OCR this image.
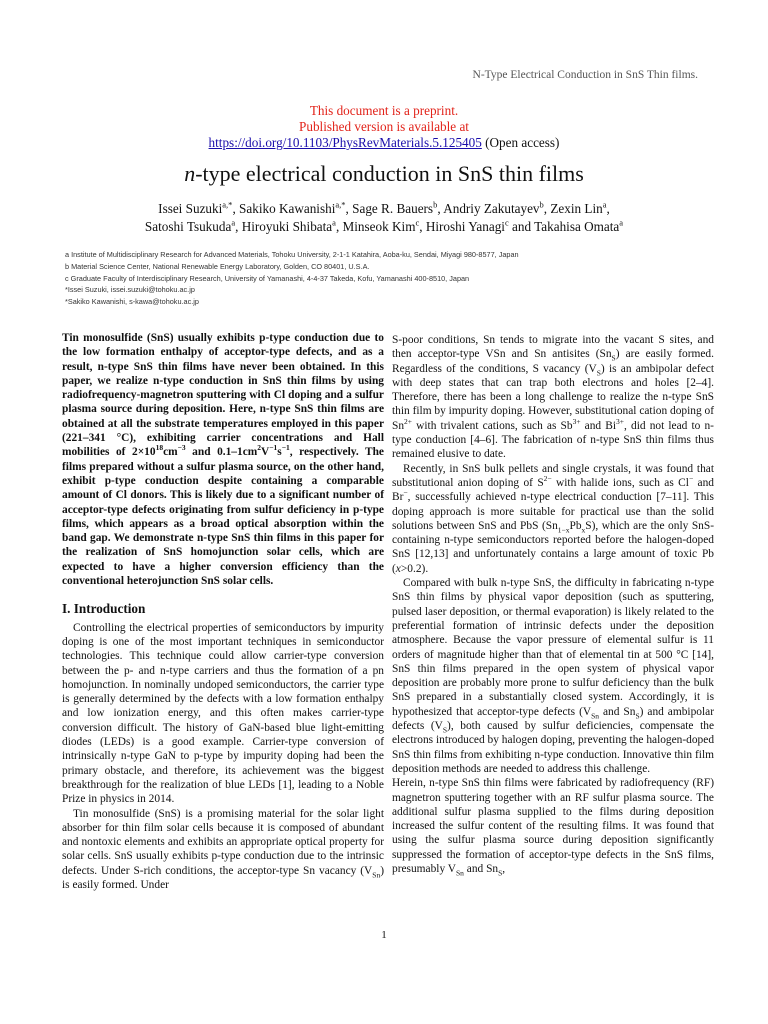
N-Type Electrical Conduction in SnS Thin films.
This document is a preprint.
Published version is available at
https://doi.org/10.1103/PhysRevMaterials.5.125405 (Open access)
n-type electrical conduction in SnS thin films
Issei Suzuki$^{a,*}$, Sakiko Kawanishi$^{a,*}$, Sage R. Bauers$^b$, Andriy Zakutayev$^b$, Zexin Lin$^a$,
Satoshi Tsukuda$^a$, Hiroyuki Shibata$^a$, Minseok Kim$^c$, Hiroshi Yanagi$^c$ and Takahisa Omata$^a$
a Institute of Multidisciplinary Research for Advanced Materials, Tohoku University, 2-1-1 Katahira, Aoba-ku, Sendai, Miyagi 980-8577, Japan
b Material Science Center, National Renewable Energy Laboratory, Golden, CO 80401, U.S.A.
c Graduate Faculty of Interdisciplinary Research, University of Yamanashi, 4-4-37 Takeda, Kofu, Yamanashi 400-8510, Japan
*Issei Suzuki, issei.suzuki@tohoku.ac.jp
*Sakiko Kawanishi, s-kawa@tohoku.ac.jp

Tin monosulfide (SnS) usually exhibits p-type conduction due to the low formation enthalpy of acceptor-type defects, and as a result, n-type SnS thin films have never been obtained. In this paper, we realize n-type conduction in SnS thin films by using radiofrequency-magnetron sputtering with Cl doping and a sulfur plasma source during deposition. Here, n-type SnS thin films are obtained at all the substrate temperatures employed in this paper (221–341 °C), exhibiting carrier concentrations and Hall mobilities of $2\times 10^{18}cm^{-3}$ and $0.1-1cm^2V^{-1}s^{-1}$, respectively. The films prepared without a sulfur plasma source, on the other hand, exhibit p-type conduction despite containing a comparable amount of Cl donors. This is likely due to a significant number of acceptor-type defects originating from sulfur deficiency in p-type films, which appears as a broad optical absorption within the band gap. We demonstrate n-type SnS thin films in this paper for the realization of SnS homojunction solar cells, which are expected to have a higher conversion efficiency than the conventional heterojunction SnS solar cells.

I. Introduction

Controlling the electrical properties of semiconductors by impurity doping is one of the most important techniques in semiconductor technologies. This technique could allow carrier-type conversion between the p- and n-type carriers and thus the formation of a pn homojunction. In nominally undoped semiconductors, the carrier type is generally determined by the defects with a low formation enthalpy and low ionization energy, and this often makes carrier-type conversion difficult. The history of GaN-based blue light-emitting diodes (LEDs) is a good example. Carrier-type conversion of intrinsically n-type GaN to p-type by impurity doping had been the primary obstacle, and therefore, its achievement was the biggest breakthrough for the realization of blue LEDs [1], leading to a Noble Prize in physics in 2014.

Tin monosulfide (SnS) is a promising material for the solar light absorber for thin film solar cells because it is composed of abundant and nontoxic elements and exhibits an appropriate optical property for solar cells. SnS usually exhibits p-type conduction due to the intrinsic defects. Under S-rich conditions, the acceptor-type Sn vacancy $(V_{Sn})$ is easily formed. Under

S-poor conditions, Sn tends to migrate into the vacant S sites, and then acceptor-type VSn and Sn antisites $(Sn_S)$ are easily formed. Regardless of the conditions, S vacancy $(V_S)$ is an ambipolar defect with deep states that can trap both electrons and holes [2–4]. Therefore, there has been a long challenge to realize the n-type SnS thin film by impurity doping. However, substitutional cation doping of $Sn^{2+}$ with trivalent cations, such as $Sb^{3+}$ and $Bi^{3+}$, did not lead to n-type conduction [4–6]. The fabrication of n-type SnS thin films thus remained elusive to date.

Recently, in SnS bulk pellets and single crystals, it was found that substitutional anion doping of $S^{2-}$ with halide ions, such as Cl− and Br−, successfully achieved n-type electrical conduction [7–11]. This doping approach is more suitable for practical use than the solid solutions between SnS and PbS $(Sn_{1-x}Pb_xS)$, which are the only SnS-containing n-type semiconductors reported before the halogen-doped SnS [12,13] and unfortunately contains a large amount of toxic Pb (x>0.2).

Compared with bulk n-type SnS, the difficulty in fabricating n-type SnS thin films by physical vapor deposition (such as sputtering, pulsed laser deposition, or thermal evaporation) is likely related to the preferential formation of intrinsic defects under the deposition atmosphere. Because the vapor pressure of elemental sulfur is 11 orders of magnitude higher than that of elemental tin at 500 °C [14], SnS thin films prepared in the open system of physical vapor deposition are probably more prone to sulfur deficiency than the bulk SnS prepared in a substantially closed system. Accordingly, it is hypothesized that acceptor-type defects ($V_{Sn}$ and $Sn_S$) and ambipolar defects $(V_S)$, both caused by sulfur deficiencies, compensate the electrons introduced by halogen doping, preventing the halogen-doped SnS thin films from exhibiting n-type conduction. Innovative thin film deposition methods are needed to address this challenge.

Herein, n-type SnS thin films were fabricated by radiofrequency (RF) magnetron sputtering together with an RF sulfur plasma source. The additional sulfur plasma supplied to the films during deposition increased the sulfur content of the resulting films. It was found that using the sulfur plasma source during deposition significantly suppressed the formation of acceptor-type defects in the SnS films, presumably $V_{Sn}$ and $Sn_S$,

1
